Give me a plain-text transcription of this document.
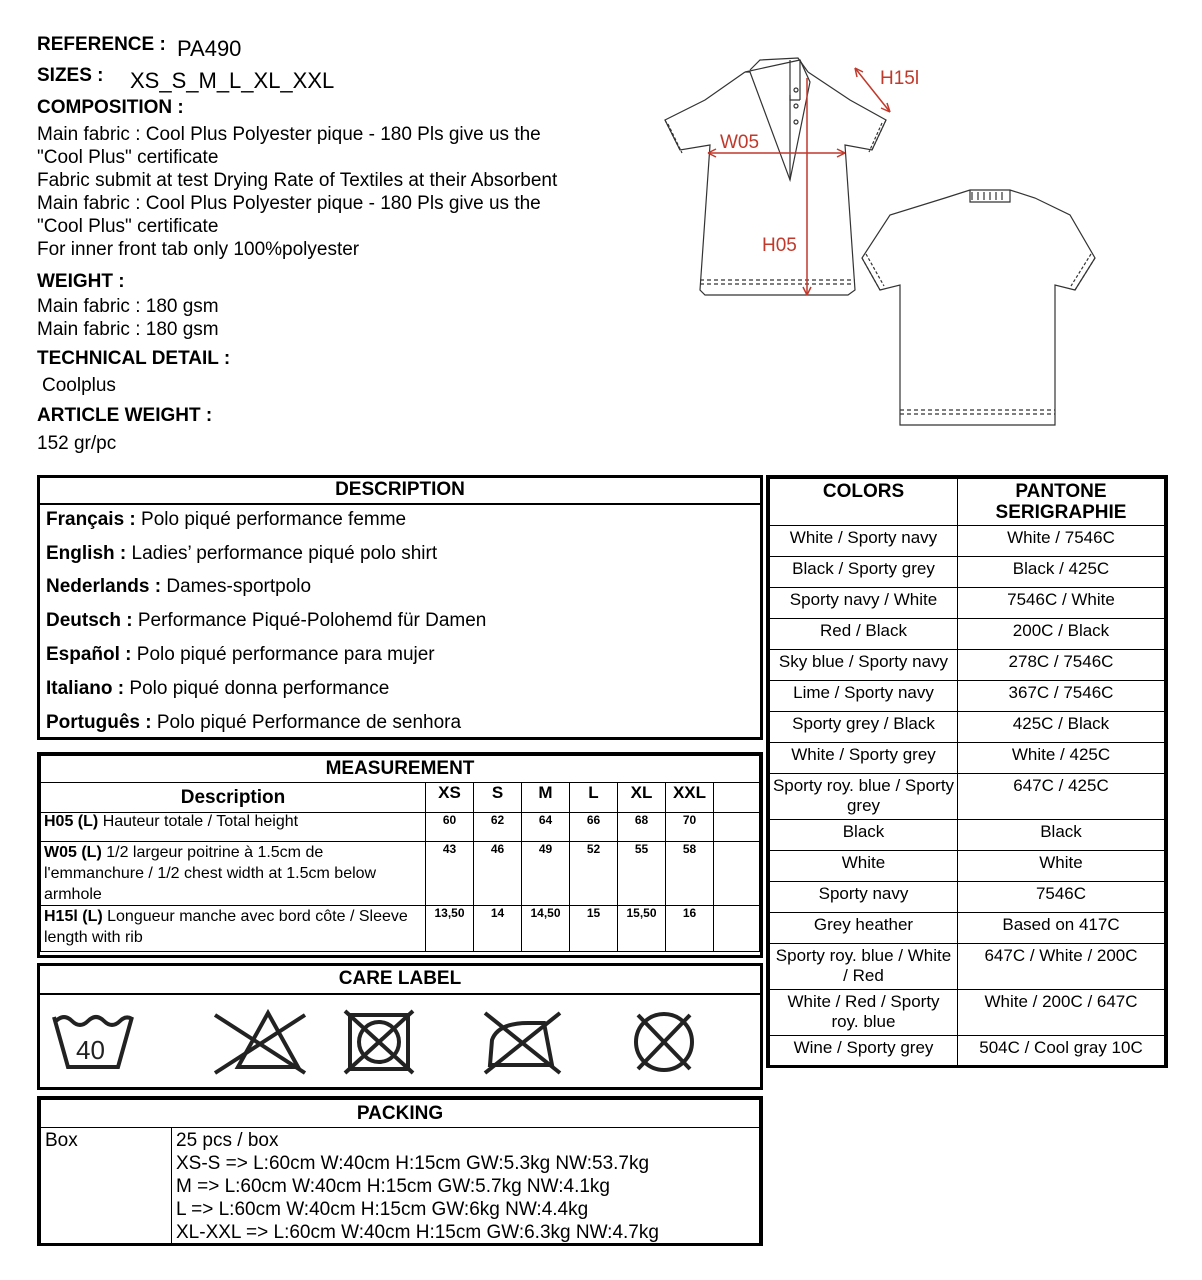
REFERENCE : PA490
SIZES : XS_S_M_L_XL_XXL
COMPOSITION :
Main fabric : Cool Plus Polyester pique - 180 Pls give us the
"Cool Plus" certificate
Fabric submit at test Drying Rate of Textiles at their Absorbent
Main fabric : Cool Plus Polyester pique - 180 Pls give us the
"Cool Plus" certificate
For inner front tab only 100%polyester
WEIGHT :
Main fabric : 180 gsm
Main fabric : 180 gsm
TECHNICAL DETAIL :
Coolplus
ARTICLE WEIGHT :
152 gr/pc
W05
H05
H15l
DESCRIPTION
Français : Polo piqué performance femme
English : Ladies’ performance piqué polo shirt
Nederlands : Dames-sportpolo
Deutsch : Performance Piqué-Polohemd für Damen
Español : Polo piqué performance para mujer
Italiano : Polo piqué donna performance
Português : Polo piqué Performance de senhora
MEASUREMENT							
Description	XS	S	M	L	XL	XXL	
H05 (L) Hauteur totale / Total height	60	62	64	66	68	70	
W05 (L) 1/2 largeur poitrine à 1.5cm de l'emmanchure / 1/2 chest width at 1.5cm below armhole	43	46	49	52	55	58	
H15l (L) Longueur manche avec bord côte / Sleeve length with rib	13,50	14	14,50	15	15,50	16	
CARE LABEL
40
PACKING
Box	25 pcs / box
XS-S => L:60cm W:40cm H:15cm GW:5.3kg NW:53.7kg
M => L:60cm W:40cm H:15cm GW:5.7kg NW:4.1kg
L => L:60cm W:40cm H:15cm GW:6kg NW:4.4kg
XL-XXL => L:60cm W:40cm H:15cm GW:6.3kg NW:4.7kg
COLORS	PANTONE SERIGRAPHIE
White / Sporty navy	White / 7546C
Black / Sporty grey	Black / 425C
Sporty navy / White	7546C / White
Red / Black	200C / Black
Sky blue / Sporty navy	278C / 7546C
Lime / Sporty navy	367C / 7546C
Sporty grey / Black	425C / Black
White / Sporty grey	White / 425C
Sporty roy. blue / Sporty grey	647C / 425C
Black	Black
White	White
Sporty navy	7546C
Grey heather	Based on 417C
Sporty roy. blue / White / Red	647C / White / 200C
White / Red / Sporty roy. blue	White / 200C / 647C
Wine / Sporty grey	504C / Cool gray 10C
